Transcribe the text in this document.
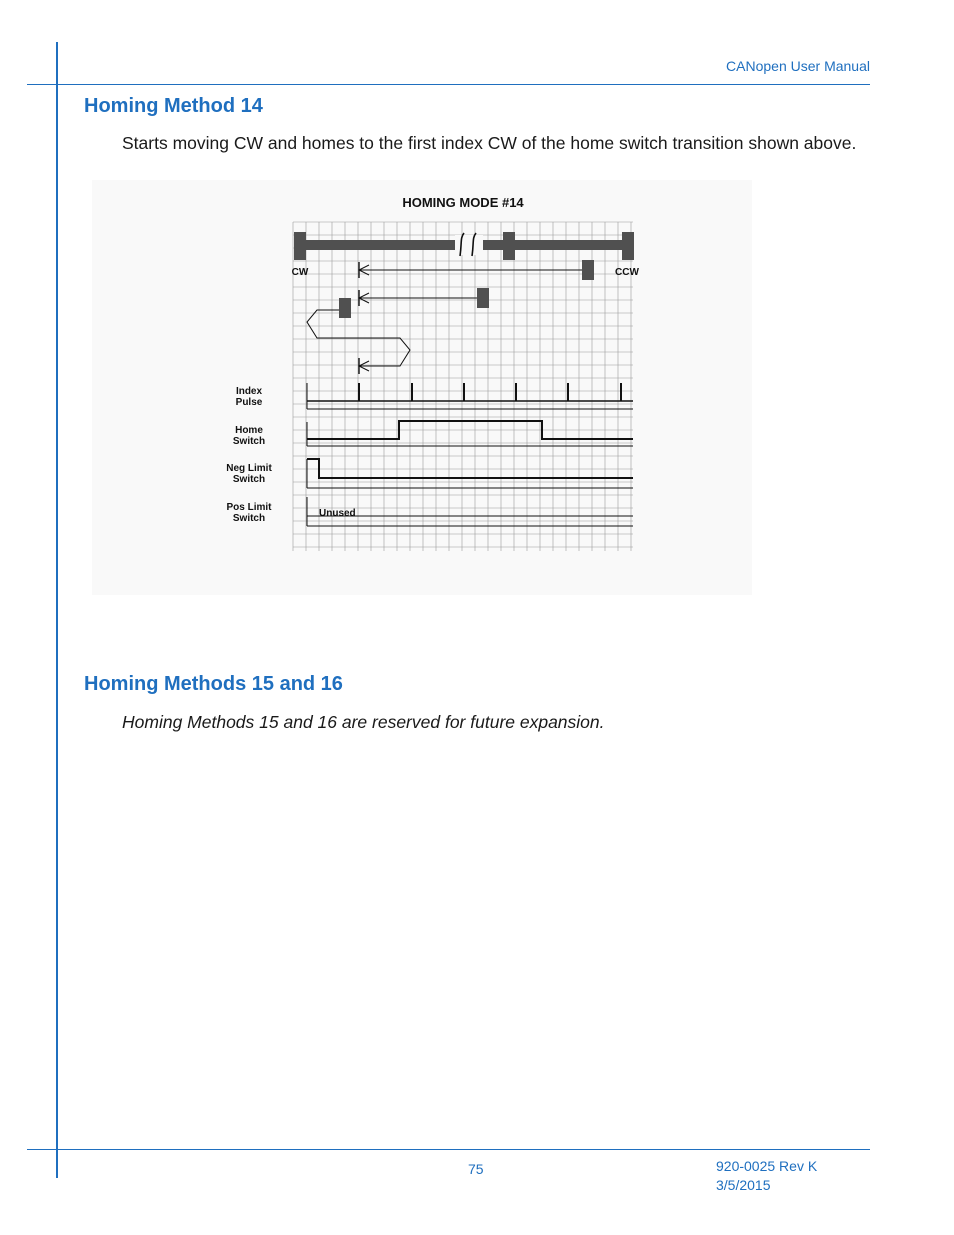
CANopen User Manual
Homing Method 14

Starts moving CW and homes to the first index CW of the home switch transition shown above.

HOMING MODE #14
CW	CCW
Index
Pulse
Home
Switch
Neg Limit
Switch
Pos Limit
Switch	Unused
Homing Methods 15 and 16

Homing Methods 15 and 16 are reserved for future expansion.

75	920-0025 Rev K
3/5/2015
